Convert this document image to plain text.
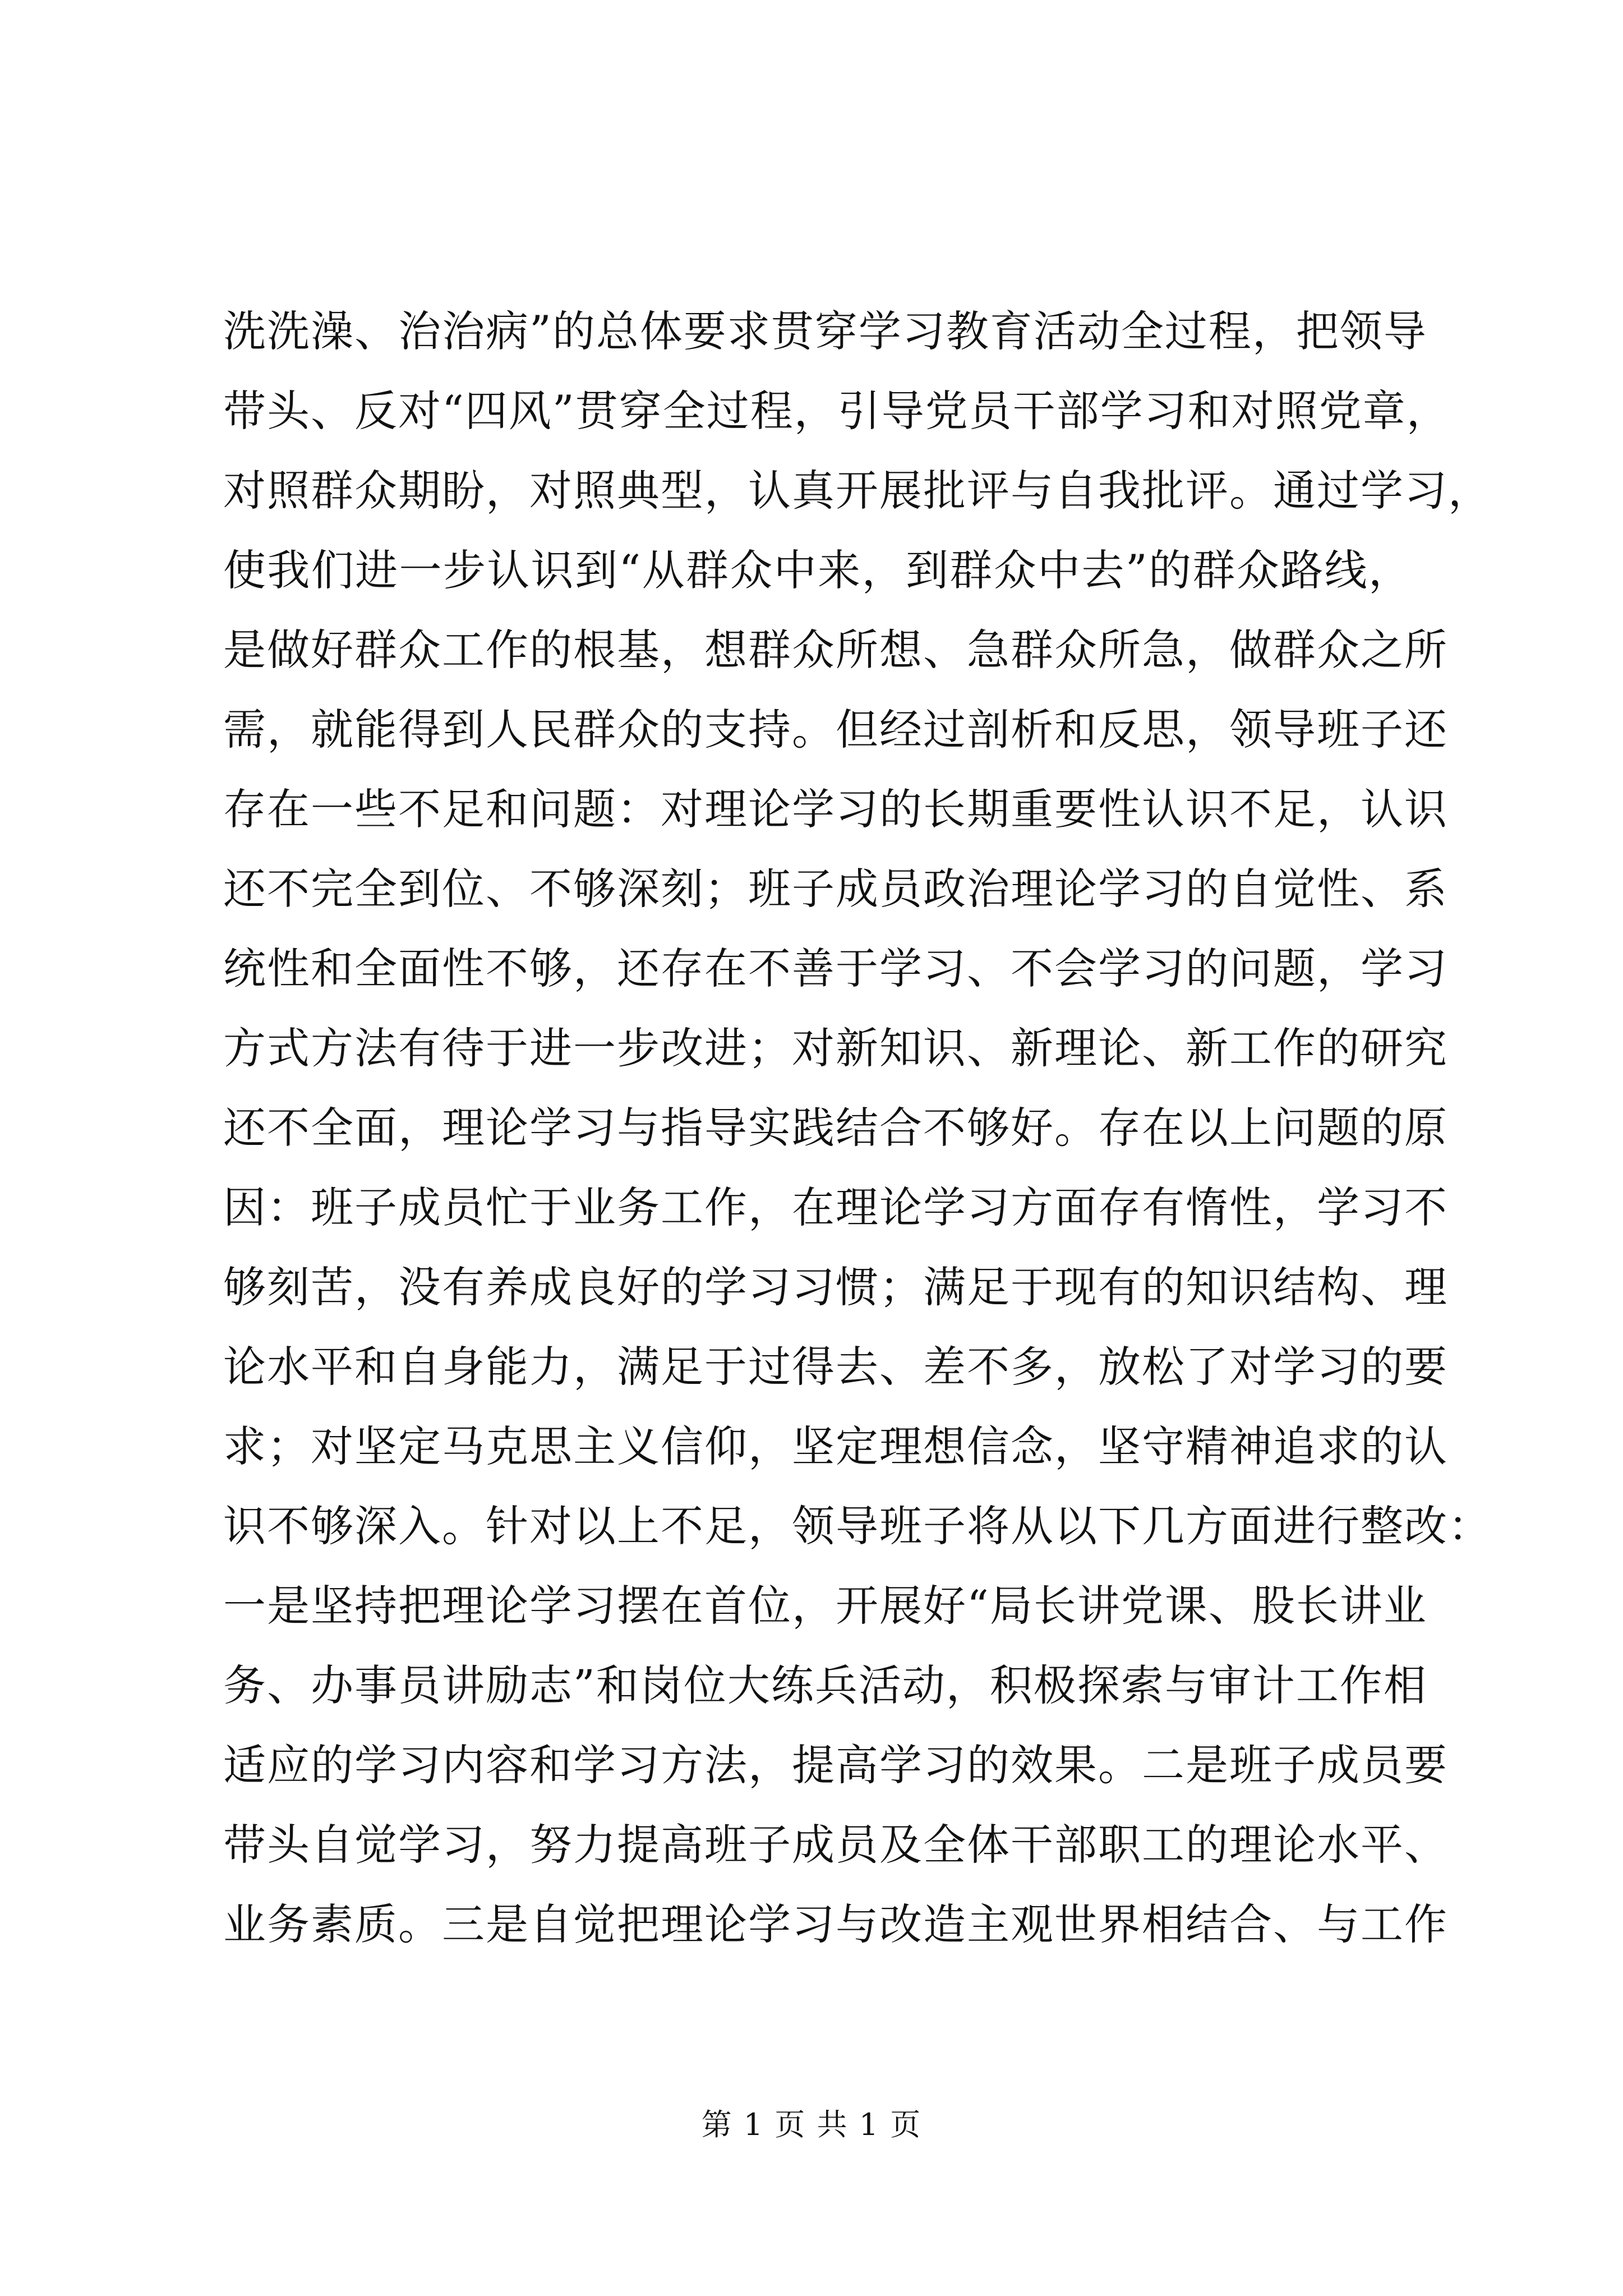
洗洗澡、治治病”的总体要求贯穿学习教育活动全过程，把领导
带头、反对“四风”贯穿全过程，引导党员干部学习和对照党章，
对照群众期盼，对照典型，认真开展批评与自我批评。通过学习，
使我们进一步认识到“从群众中来，到群众中去”的群众路线，
是做好群众工作的根基，想群众所想、急群众所急，做群众之所
需，就能得到人民群众的支持。但经过剖析和反思，领导班子还
存在一些不足和问题：对理论学习的长期重要性认识不足，认识
还不完全到位、不够深刻；班子成员政治理论学习的自觉性、系
统性和全面性不够，还存在不善于学习、不会学习的问题，学习
方式方法有待于进一步改进；对新知识、新理论、新工作的研究
还不全面，理论学习与指导实践结合不够好。存在以上问题的原
因：班子成员忙于业务工作，在理论学习方面存有惰性，学习不
够刻苦，没有养成良好的学习习惯；满足于现有的知识结构、理
论水平和自身能力，满足于过得去、差不多，放松了对学习的要
求；对坚定马克思主义信仰，坚定理想信念，坚守精神追求的认
识不够深入。针对以上不足，领导班子将从以下几方面进行整改：
一是坚持把理论学习摆在首位，开展好“局长讲党课、股长讲业
务、办事员讲励志”和岗位大练兵活动，积极探索与审计工作相
适应的学习内容和学习方法，提高学习的效果。二是班子成员要
带头自觉学习，努力提高班子成员及全体干部职工的理论水平、
业务素质。三是自觉把理论学习与改造主观世界相结合、与工作
第 1 页 共 1 页
